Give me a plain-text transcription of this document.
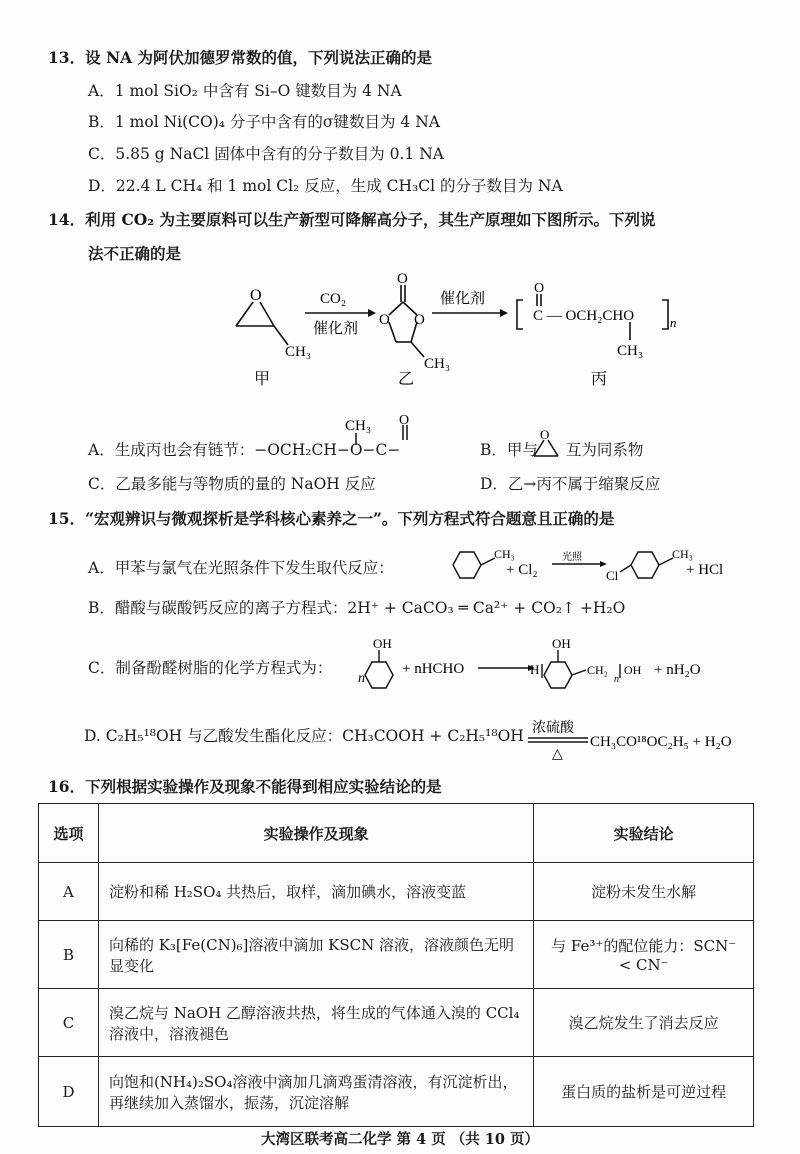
13．设 NA 为阿伏加德罗常数的值，下列说法正确的是
A．1 mol SiO₂ 中含有 Si–O 键数目为 4 NA
B．1 mol Ni(CO)₄ 分子中含有的σ键数目为 4 NA
C．5.85 g NaCl 固体中含有的分子数目为 0.1 NA
D．22.4 L CH₄ 和 1 mol Cl₂ 反应，生成 CH₃Cl 的分子数目为 NA
14．利用 CO₂ 为主要原料可以生产新型可降解高分子，其生产原理如下图所示。下列说
法不正确的是
O
CH₃
甲
CO₂
催化剂
O
O O
CH₃
乙
催化剂
O
C — OCH₂CHO	n
CH₃
丙
CH₃ O
O
A．生成丙也会有链节：−OCH₂CH−O−C−	B．甲与 互为同系物
C．乙最多能与等物质的量的 NaOH 反应	D．乙→丙不属于缩聚反应
15．“宏观辨识与微观探析是学科核心素养之一”。下列方程式符合题意且正确的是
A．甲苯与氯气在光照条件下发生取代反应：
CH₃
+ Cl₂
光照
Cl
CH₃
+ HCl
B．醋酸与碳酸钙反应的离子方程式：2H⁺ + CaCO₃ ═ Ca²⁺ + CO₂↑ +H₂O
C．制备酚醛树脂的化学方程式为：
OH
n
+ nHCHO
OH
H	CH₂
n
OH + nH₂O
D. C₂H₅¹⁸OH 与乙酸发生酯化反应：CH₃COOH + C₂H₅¹⁸OH 浓硫酸
△
CH₃CO¹⁸OC₂H₅ + H₂O
16．下列根据实验操作及现象不能得到相应实验结论的是
选项	实验操作及现象	实验结论
A	淀粉和稀 H₂SO₄ 共热后，取样，滴加碘水，溶液变蓝	淀粉未发生水解
B	向稀的 K₃[Fe(CN)₆]溶液中滴加 KSCN 溶液，溶液颜色无明显变化	与 Fe³⁺的配位能力：SCN⁻ < CN⁻
C	溴乙烷与 NaOH 乙醇溶液共热，将生成的气体通入溴的 CCl₄ 溶液中，溶液褪色	溴乙烷发生了消去反应
D	向饱和(NH₄)₂SO₄溶液中滴加几滴鸡蛋清溶液，有沉淀析出，再继续加入蒸馏水，振荡，沉淀溶解	蛋白质的盐析是可逆过程
大湾区联考高二化学 第 4 页 （共 10 页）
